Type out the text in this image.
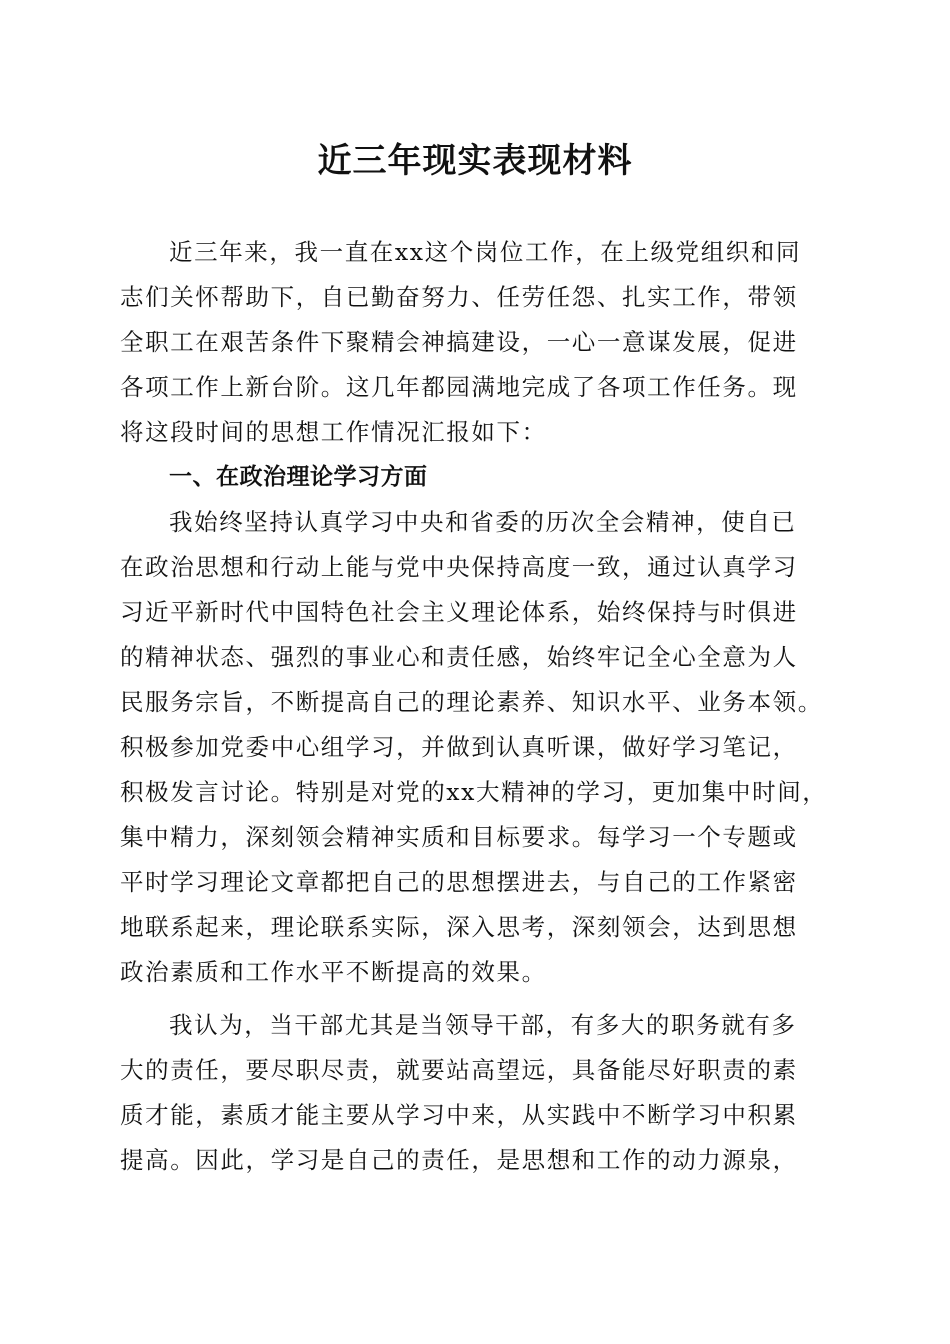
近三年现实表现材料
近三年来，我一直在xx这个岗位工作，在上级党组织和同
志们关怀帮助下，自已勤奋努力、任劳任怨、扎实工作，带领
全职工在艰苦条件下聚精会神搞建设，一心一意谋发展，促进
各项工作上新台阶。这几年都园满地完成了各项工作任务。现
将这段时间的思想工作情况汇报如下：
一、在政治理论学习方面
我始终坚持认真学习中央和省委的历次全会精神，使自已
在政治思想和行动上能与党中央保持高度一致，通过认真学习
习近平新时代中国特色社会主义理论体系，始终保持与时俱进
的精神状态、强烈的事业心和责任感，始终牢记全心全意为人
民服务宗旨，不断提高自己的理论素养、知识水平、业务本领。
积极参加党委中心组学习，并做到认真听课，做好学习笔记，
积极发言讨论。特别是对党的xx大精神的学习，更加集中时间，
集中精力，深刻领会精神实质和目标要求。每学习一个专题或
平时学习理论文章都把自己的思想摆进去，与自己的工作紧密
地联系起来，理论联系实际，深入思考，深刻领会，达到思想
政治素质和工作水平不断提高的效果。
我认为，当干部尤其是当领导干部，有多大的职务就有多
大的责任，要尽职尽责，就要站高望远，具备能尽好职责的素
质才能，素质才能主要从学习中来，从实践中不断学习中积累
提高。因此，学习是自己的责任，是思想和工作的动力源泉，
